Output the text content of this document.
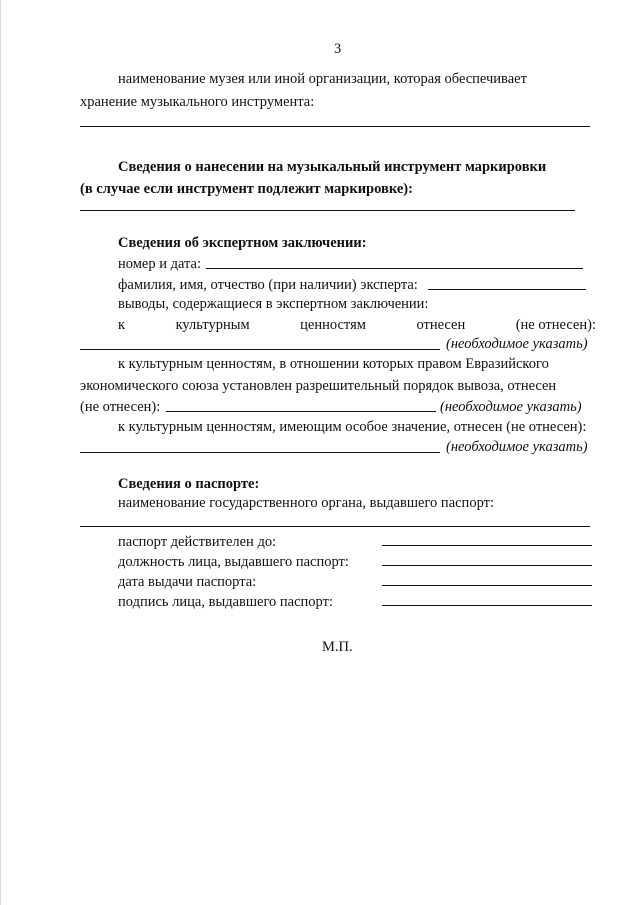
3
наименование музея или иной организации, которая обеспечивает
хранение музыкального инструмента:
Сведения о нанесении на музыкальный инструмент маркировки
(в случае если инструмент подлежит маркировке):
Сведения об экспертном заключении:
номер и дата:
фамилия, имя, отчество (при наличии) эксперта:
выводы, содержащиеся в экспертном заключении:
к	культурным	ценностям	отнесен	(не отнесен):
(необходимое указать)
к культурным ценностям, в отношении которых правом Евразийского
экономического союза установлен разрешительный порядок вывоза, отнесен
(не отнесен):	(необходимое указать)
к культурным ценностям, имеющим особое значение, отнесен (не отнесен):
(необходимое указать)
Сведения о паспорте:
наименование государственного органа, выдавшего паспорт:
паспорт действителен до:
должность лица, выдавшего паспорт:
дата выдачи паспорта:
подпись лица, выдавшего паспорт:
М.П.
